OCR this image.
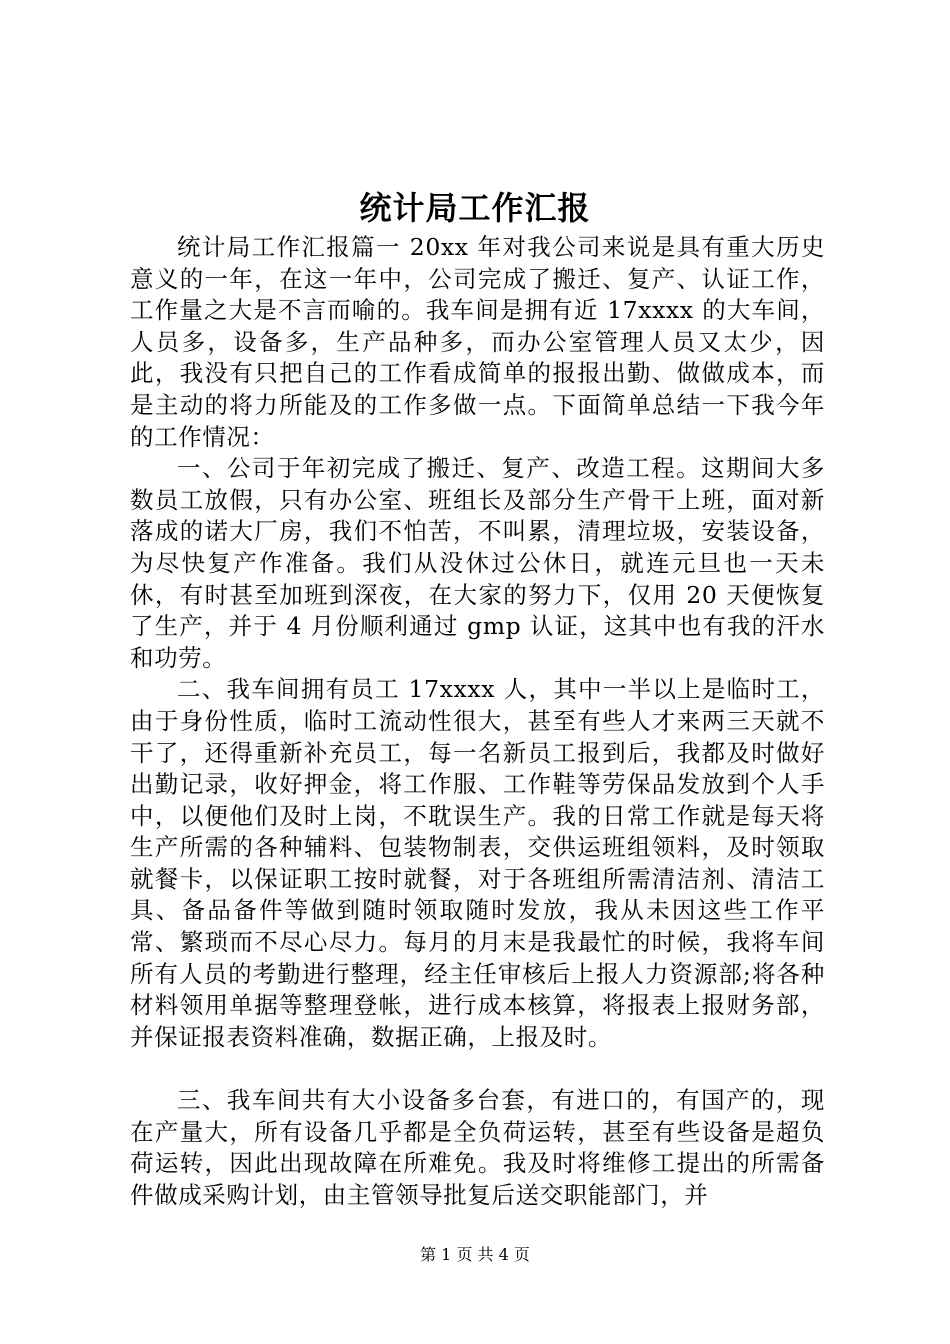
统计局工作汇报

统计局工作汇报篇一 20xx 年对我公司来说是具有重大历史意义的一年，在这一年中，公司完成了搬迁、复产、认证工作，工作量之大是不言而喻的。我车间是拥有近 17xxxx 的大车间，人员多，设备多，生产品种多，而办公室管理人员又太少，因此，我没有只把自己的工作看成简单的报报出勤、做做成本，而是主动的将力所能及的工作多做一点。下面简单总结一下我今年的工作情况：

一、公司于年初完成了搬迁、复产、改造工程。这期间大多数员工放假，只有办公室、班组长及部分生产骨干上班，面对新落成的诺大厂房，我们不怕苦，不叫累，清理垃圾，安装设备，为尽快复产作准备。我们从没休过公休日，就连元旦也一天未休，有时甚至加班到深夜，在大家的努力下，仅用 20 天便恢复了生产，并于 4 月份顺利通过 gmp 认证，这其中也有我的汗水和功劳。

二、我车间拥有员工 17xxxx 人，其中一半以上是临时工，由于身份性质，临时工流动性很大，甚至有些人才来两三天就不干了，还得重新补充员工，每一名新员工报到后，我都及时做好出勤记录，收好押金，将工作服、工作鞋等劳保品发放到个人手中，以便他们及时上岗，不耽误生产。我的日常工作就是每天将生产所需的各种辅料、包装物制表，交供运班组领料，及时领取就餐卡，以保证职工按时就餐，对于各班组所需清洁剂、清洁工具、备品备件等做到随时领取随时发放，我从未因这些工作平常、繁琐而不尽心尽力。每月的月末是我最忙的时候，我将车间所有人员的考勤进行整理，经主任审核后上报人力资源部;将各种材料领用单据等整理登帐，进行成本核算，将报表上报财务部，并保证报表资料准确，数据正确，上报及时。

三、我车间共有大小设备多台套，有进口的，有国产的，现在产量大，所有设备几乎都是全负荷运转，甚至有些设备是超负荷运转，因此出现故障在所难免。我及时将维修工提出的所需备件做成采购计划，由主管领导批复后送交职能部门，并

第 1 页 共 4 页
